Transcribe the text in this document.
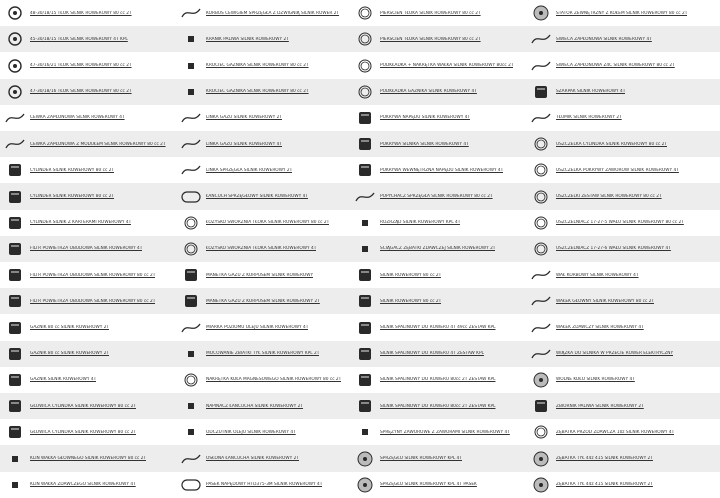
48-30/18/15 TŁOK SILNIK ROWEROWY 80 cc 2T
45-30/18/15 TŁOK SILNIK ROWEROWY 4T KPL
47-30/16/21 TŁOK SILNIK ROWEROWY 80 cc 2T
47-30/18/16 TŁOK SILNIK ROWEROWY 80 cc 2T
CEWKA ZAPŁONOWA SILNIK ROWEROWY 4T
CEWKA ZAPŁONOWA Z MODUŁEM SILNIK ROWEROWY 80 cc 2T
CYLINDER SILNIK ROWEROWY 80 cc 2T
CYLINDER SILNIK ROWEROWY 80 cc 2T
CYLINDER SILNIK Z KARTERAMI ROWEROWY 4T
FILTR POWIETRZA OBUDOWA SILNIK ROWEROWY 4T
FILTR POWIETRZA OBUDOWA SILNIK ROWEROWY 80 cc 2T
FILTR POWIETRZA OBUDOWA SILNIK ROWEROWY 80 cc 2T
GAŹNIK 80 cc SILNIK ROWEROWY 2T
GAŹNIK 80 cc SILNIK ROWEROWY 2T
GAŹNIK SILNIK ROWEROWY 4T
GŁOWICA CYLINDRA SILNIK ROWEROWY 80 cc 2T
GŁOWICA CYLINDRA SILNIK ROWEROWY 80 cc 2T
KLIN WAŁKA GŁÓWNEGO SILNIK ROWEROWY 80 cc 2T
KLIN WAŁKA ZDAWCZEGO SILNIK ROWEROWY 4T
KORBUS CEWIGIEM SPRZĘGŁA Z DŹWIGNIĄ SILNIK ROWER 2T
KRANIK PALIWA SILNIK ROWEROWY 2T
KRÓCIEC GAŹNIKA SILNIK ROWEROWY 80 cc 2T
KRÓCIEC GAŹNIKA SILNIK ROWEROWY 80 cc 2T
LINKA GAZU SILNIK ROWEROWY 2T
LINKA GAZU SILNIK ROWEROWY 4T
LINKA SPRZĘGŁA SILNIK ROWEROWY 2T
ŁAŃCUCH SPRZĘGŁOWY SILNIK ROWEROWY 4T
ŁOŻYSKO SWORZNIA TŁOKA SILNIK ROWEROWY 80 cc 2T
ŁOŻYSKO SWORZNIA TŁOKA SILNIK ROWEROWY 4T
MANETKA GAZU Z KORPUSEM SILNIK ROWEROWY
MANETKA GAZU Z KORPUSEM SILNIK ROWEROWY 2T
MIARKA POZIOMU OLEJU SILNIK ROWEROWY 4T
MOCOWANIE ZBIATKI TYŁ SILNIK ROWEROWY KPL 2T
NAKRĘTKA KOŁA MAGNESOWEGO SILNIK ROWEROWY 80 cc 2T
NAPINACZ ŁAŃCUCHA SILNIK ROWEROWY 2T
ODCZUTNIK OLEJU SILNIK ROWEROWY 4T
OSŁONA ŁAŃCUCHA SILNIK ROWEROWY 2T
PASEK NAPĘDOWY HTD375-3M SILNIK ROWEROWY 4T
PIERŚCIEŃ TŁOKA SILNIK ROWEROWY 80 cc 2T
PIERŚCIEŃ TŁOKA SILNIK ROWEROWY 80 cc 2T
PODKŁADKA + NAKRĘTKA WAŁKA SILNIK ROWEROWY 80cc 2T
PODKŁADKA GAŹNIKA SILNIK ROWEROWY 4T
POKRYWA NAPĘDU SILNIK ROWEROWY 4T
POKRYWA SILNIKA SILNIK ROWEROWY 4T
POKRYWA WEWNĘTRZNA NAPĘDU SILNIK ROWEROWY 4T
POPYCHACZ SPRZĘGŁA SILNIK ROWEROWY 80 cc 2T
ROZRZĄD SILNIK ROWEROWY KPL 4T
ŚCIĄGACZ ZĘBATKI ZDAWCZEJ SILNIK ROWEROWY 2T
SILNIK ROWEROWY 80 cc 2T
SILNIK ROWEROWY 80 cc 2T
SILNIK SPALINOWY DO ROWERU 4T 49cc ZESTAW KPL
SILNIK SPALINOWY DO ROWERU 4T ZESTAW KPL
SILNIK SPALINOWY DO ROWERU 80cc 2T ZESTAW KPL
SILNIK SPALINOWY DO ROWERU 80cc 2T ZESTAW KPL
SPRĘŻYNY ZAWOROWE Z ZAWORAMI SILNIK ROWEROWY 4T
SPRZĘGŁO SILNIK ROWEROWY KPL 4T
SPRZĘGŁO SILNIK ROWEROWY KPL 4T PASEK
STATOR ZEWNĘTRZNY Z KOŁEM SILNIK ROWEROWY 80 cc 2T
ŚWIECA ZAPŁONOWA SILNIK ROWEROWY 4T
ŚWIECA ZAPŁONOWA Z4C SILNIK ROWEROWY 80 cc 2T
SZARPAK SILNIK ROWEROWY 4T
TŁUMIK SILNIK ROWEROWY 2T
USZCZELKA CYLINDRA SILNIK ROWEROWY 80 cc 2T
USZCZELKA POKRYWY ZAWORÓW SILNIK ROWEROWY 4T
USZCZELKI ZESTAW SILNIK ROWEROWY 80 cc 2T
USZCZELNIACZ 17-27-5 WAŁU SILNIK ROWEROWY 80 cc 2T
USZCZELNIACZ 17-27-6 WAŁU SILNIK ROWEROWY 4T
WAŁ KORBOWY SILNIK ROWEROWY 4T
WAŁEK GŁÓWNY SILNIK ROWEROWY 80 cc 2T
WAŁEK ZDAWCZY SILNIK ROWEROWY 4T
WIĄZKA DO SILNIKA W PRZECIE ROWER ELEKTRYCZNY
WOLNE KOŁO SILNIK ROWEROWY 4T
ZBIORNIK PALIWA SILNIK ROWEROWY 2T
ZĘBATKA PRZÓD ZDAWCZA 10z SILNIK ROWEROWY 4T
ZĘBATKA TYŁ 44z 415 SILNIK ROWEROWY 2T
ZĘBATKA TYŁ 44z 415 SILNIK ROWEROWY 2T
